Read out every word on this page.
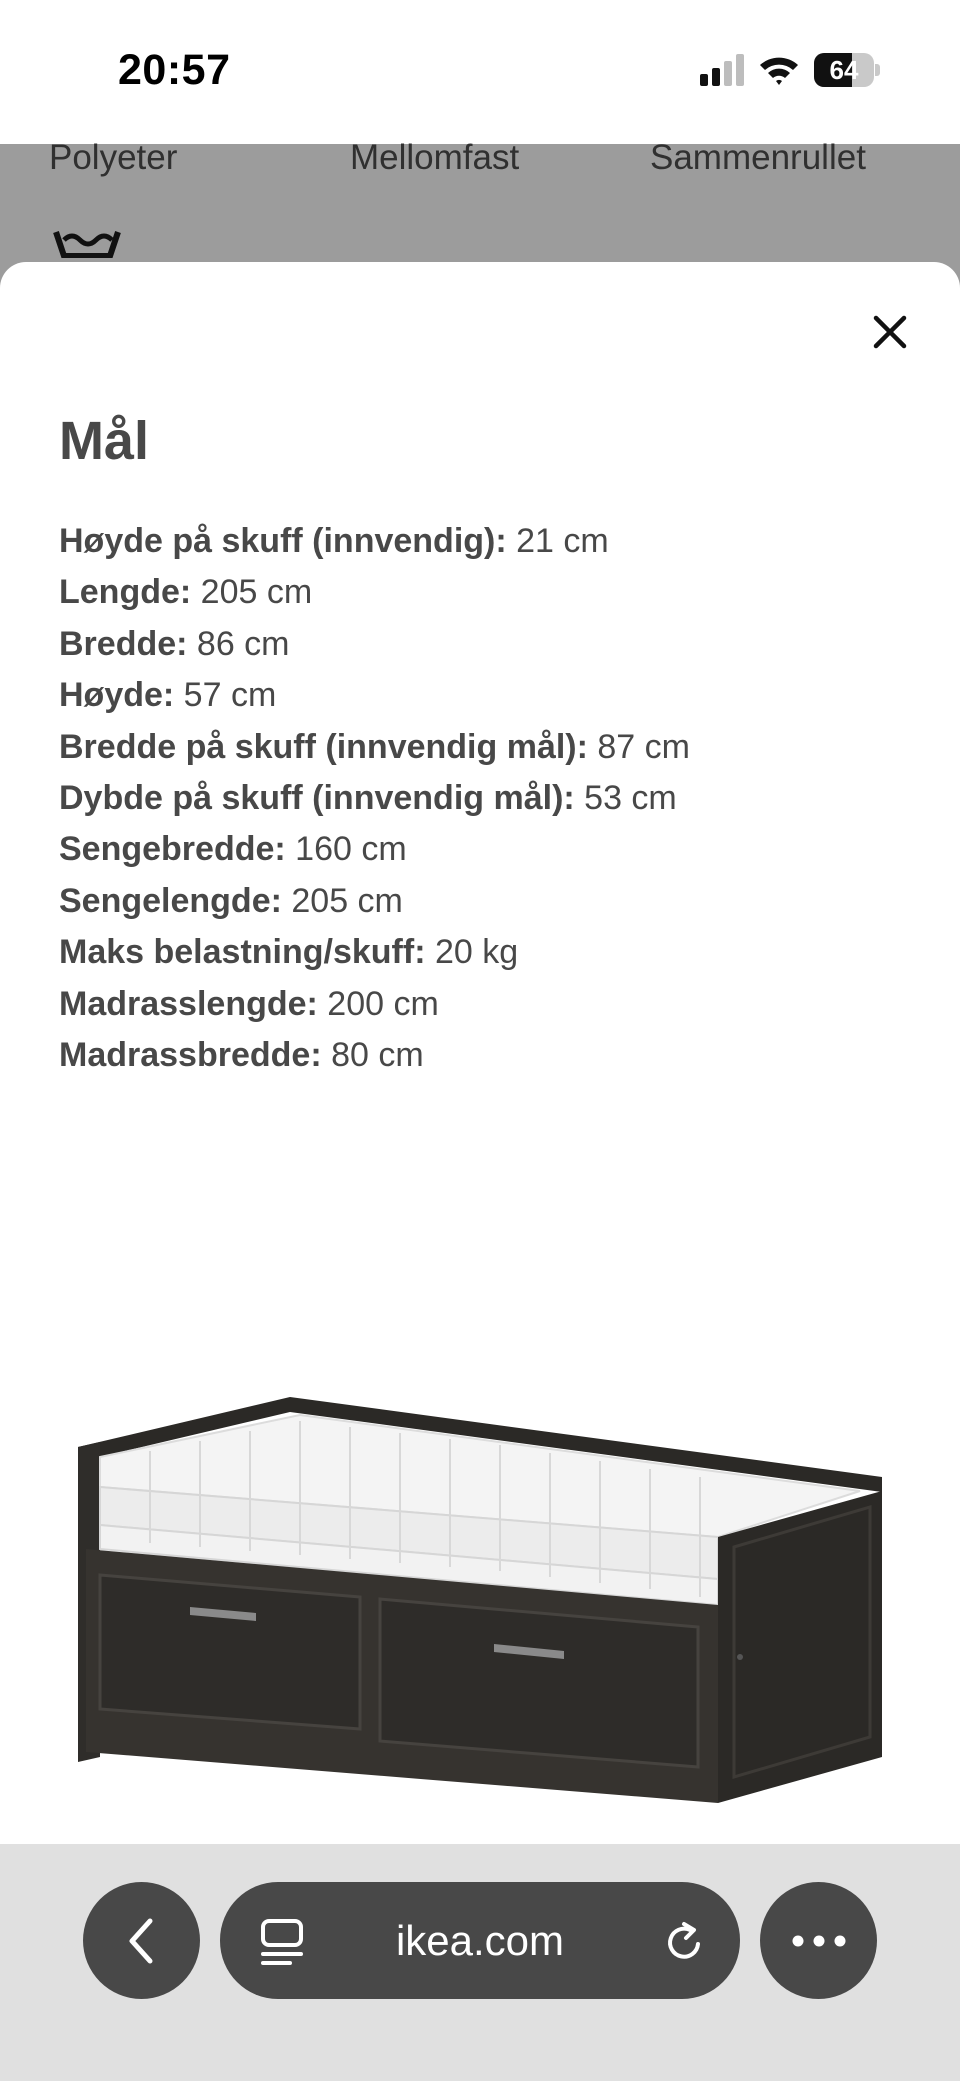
20:57	64
Polyeter	Mellomfast	Sammenrullet
Mål
Høyde på skuff (innvendig): 21 cm
Lengde: 205 cm
Bredde: 86 cm
Høyde: 57 cm
Bredde på skuff (innvendig mål): 87 cm
Dybde på skuff (innvendig mål): 53 cm
Sengebredde: 160 cm
Sengelengde: 205 cm
Maks belastning/skuff: 20 kg
Madrasslengde: 200 cm
Madrassbredde: 80 cm
ikea.com
